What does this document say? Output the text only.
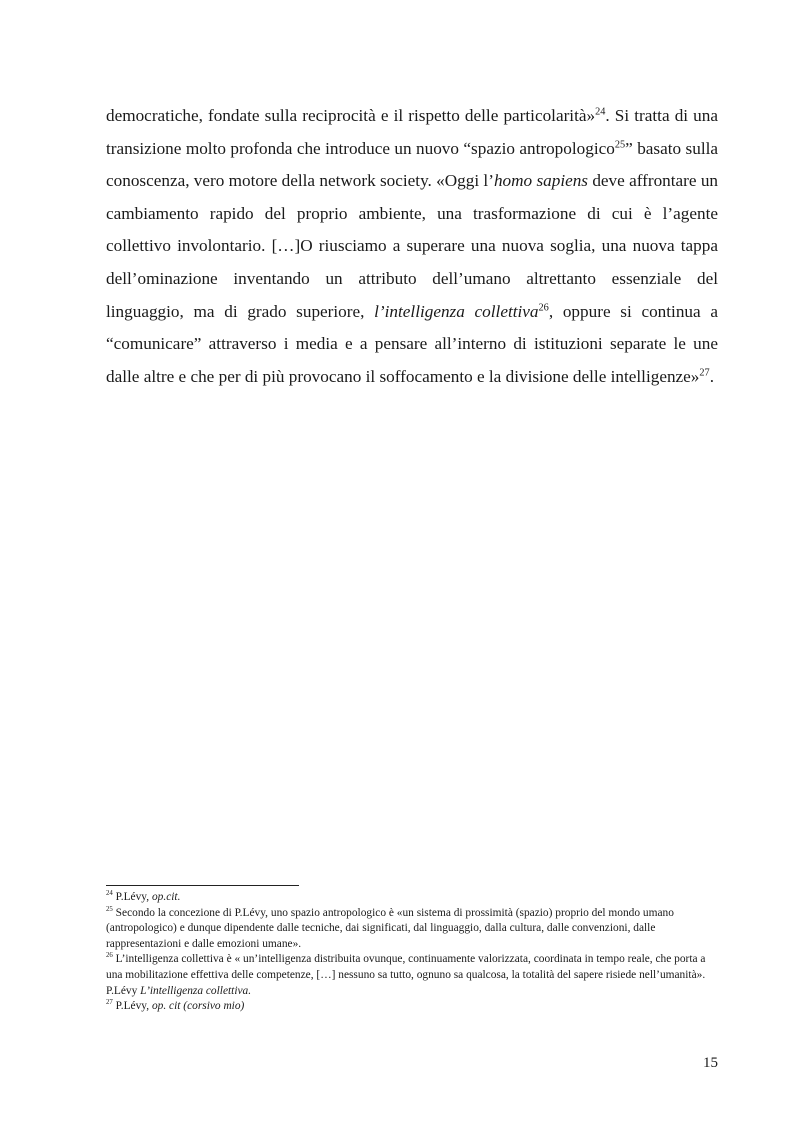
democratiche, fondate sulla reciprocità e il rispetto delle particolarità»$^{24}$. Si tratta di una transizione molto profonda che introduce un nuovo “spazio antropologico$^{25}$” basato sulla conoscenza, vero motore della network society. «Oggi l’homo sapiens deve affrontare un cambiamento rapido del proprio ambiente, una trasformazione di cui è l’agente collettivo involontario. […]O riusciamo a superare una nuova soglia, una nuova tappa dell’ominazione inventando un attributo dell’umano altrettanto essenziale del linguaggio, ma di grado superiore, l’intelligenza collettiva$^{26}$, oppure si continua a “comunicare” attraverso i media e a pensare all’interno di istituzioni separate le une dalle altre e che per di più provocano il soffocamento e la divisione delle intelligenze»$^{27}$.

$^{24}$ P.Lévy, op.cit.

$^{25}$ Secondo la concezione di P.Lévy, uno spazio antropologico è «un sistema di prossimità (spazio) proprio del mondo umano (antropologico) e dunque dipendente dalle tecniche, dai significati, dal linguaggio, dalla cultura, dalle convenzioni, dalle rappresentazioni e dalle emozioni umane».

$^{26}$ L’intelligenza collettiva è « un’intelligenza distribuita ovunque, continuamente valorizzata, coordinata in tempo reale, che porta a una mobilitazione effettiva delle competenze, […] nessuno sa tutto, ognuno sa qualcosa, la totalità del sapere risiede nell’umanità». P.Lévy L’intelligenza collettiva.

$^{27}$ P.Lévy, op. cit (corsivo mio)

15
